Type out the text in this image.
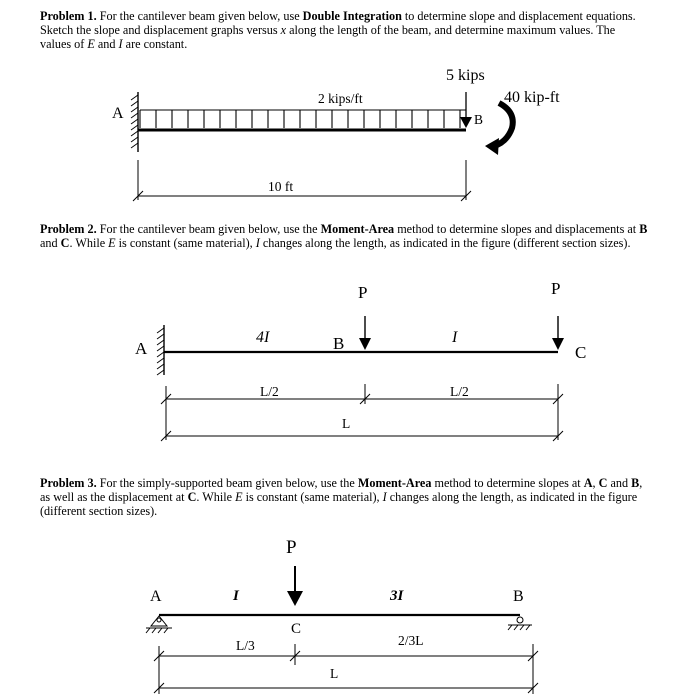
Problem 1. For the cantilever beam given below, use Double Integration to determine slope and displacement equations. Sketch the slope and displacement graphs versus x along the length of the beam, and determine maximum values. The values of E and I are constant.
A
2 kips/ft
5 kips
B
40 kip-ft
10 ft
Problem 2. For the cantilever beam given below, use the Moment-Area method to determine slopes and displacements at B and C. While E is constant (same material), I changes along the length, as indicated in the figure (different section sizes).
A
P
B
P
C
4I	I
L/2	L/2
L
Problem 3. For the simply-supported beam given below, use the Moment-Area method to determine slopes at A, C and B, as well as the displacement at C. While E is constant (same material), I changes along the length, as indicated in the figure (different section sizes).
A	B
P
C
I	3I
L/3	2/3L
L
